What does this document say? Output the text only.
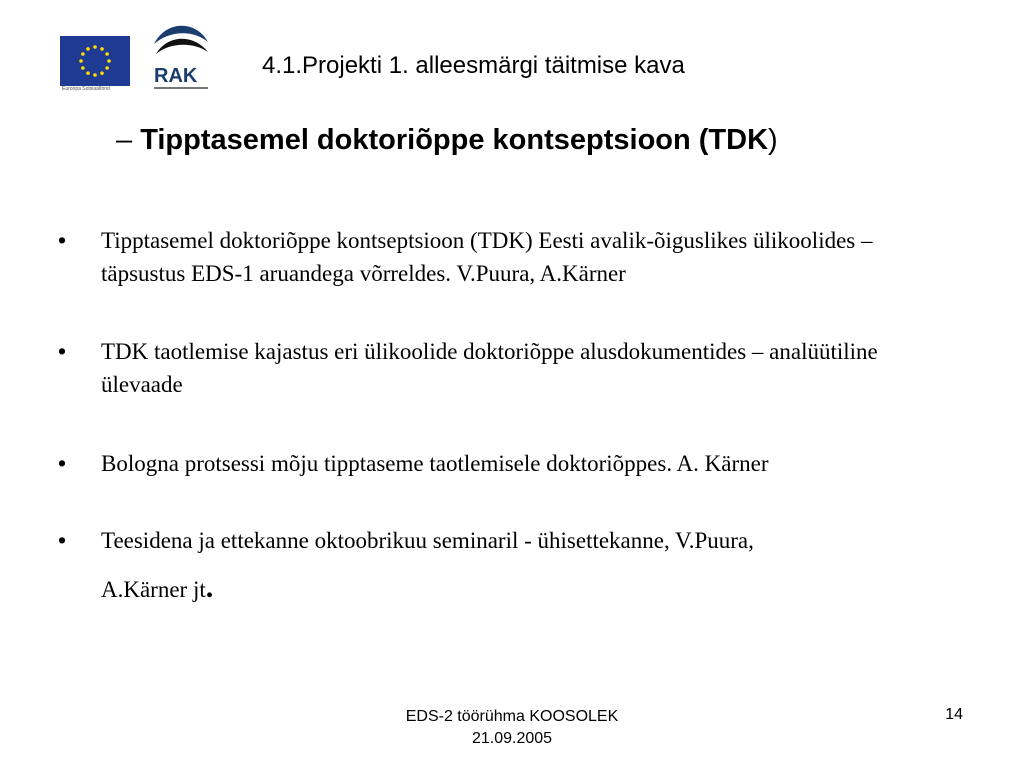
Euroopa Sotsiaalfond
RAK	4.1.Projekti 1. alleesmärgi täitmise kava
– Tipptasemel doktoriõppe kontseptsioon (TDK)
•	Tipptasemel doktoriõppe kontseptsioon (TDK) Eesti avalik-õiguslikes ülikoolides – täpsustus EDS-1 aruandega võrreldes. V.Puura, A.Kärner
•	TDK taotlemise kajastus eri ülikoolide doktoriõppe alusdokumentides – analüütiline ülevaade
•	Bologna protsessi mõju tipptaseme taotlemisele doktoriõppes. A. Kärner
•	Teesidena ja ettekanne oktoobrikuu seminaril - ühisettekanne, V.Puura,
A.Kärner jt.
EDS-2 töörühma KOOSOLEK
21.09.2005
14
